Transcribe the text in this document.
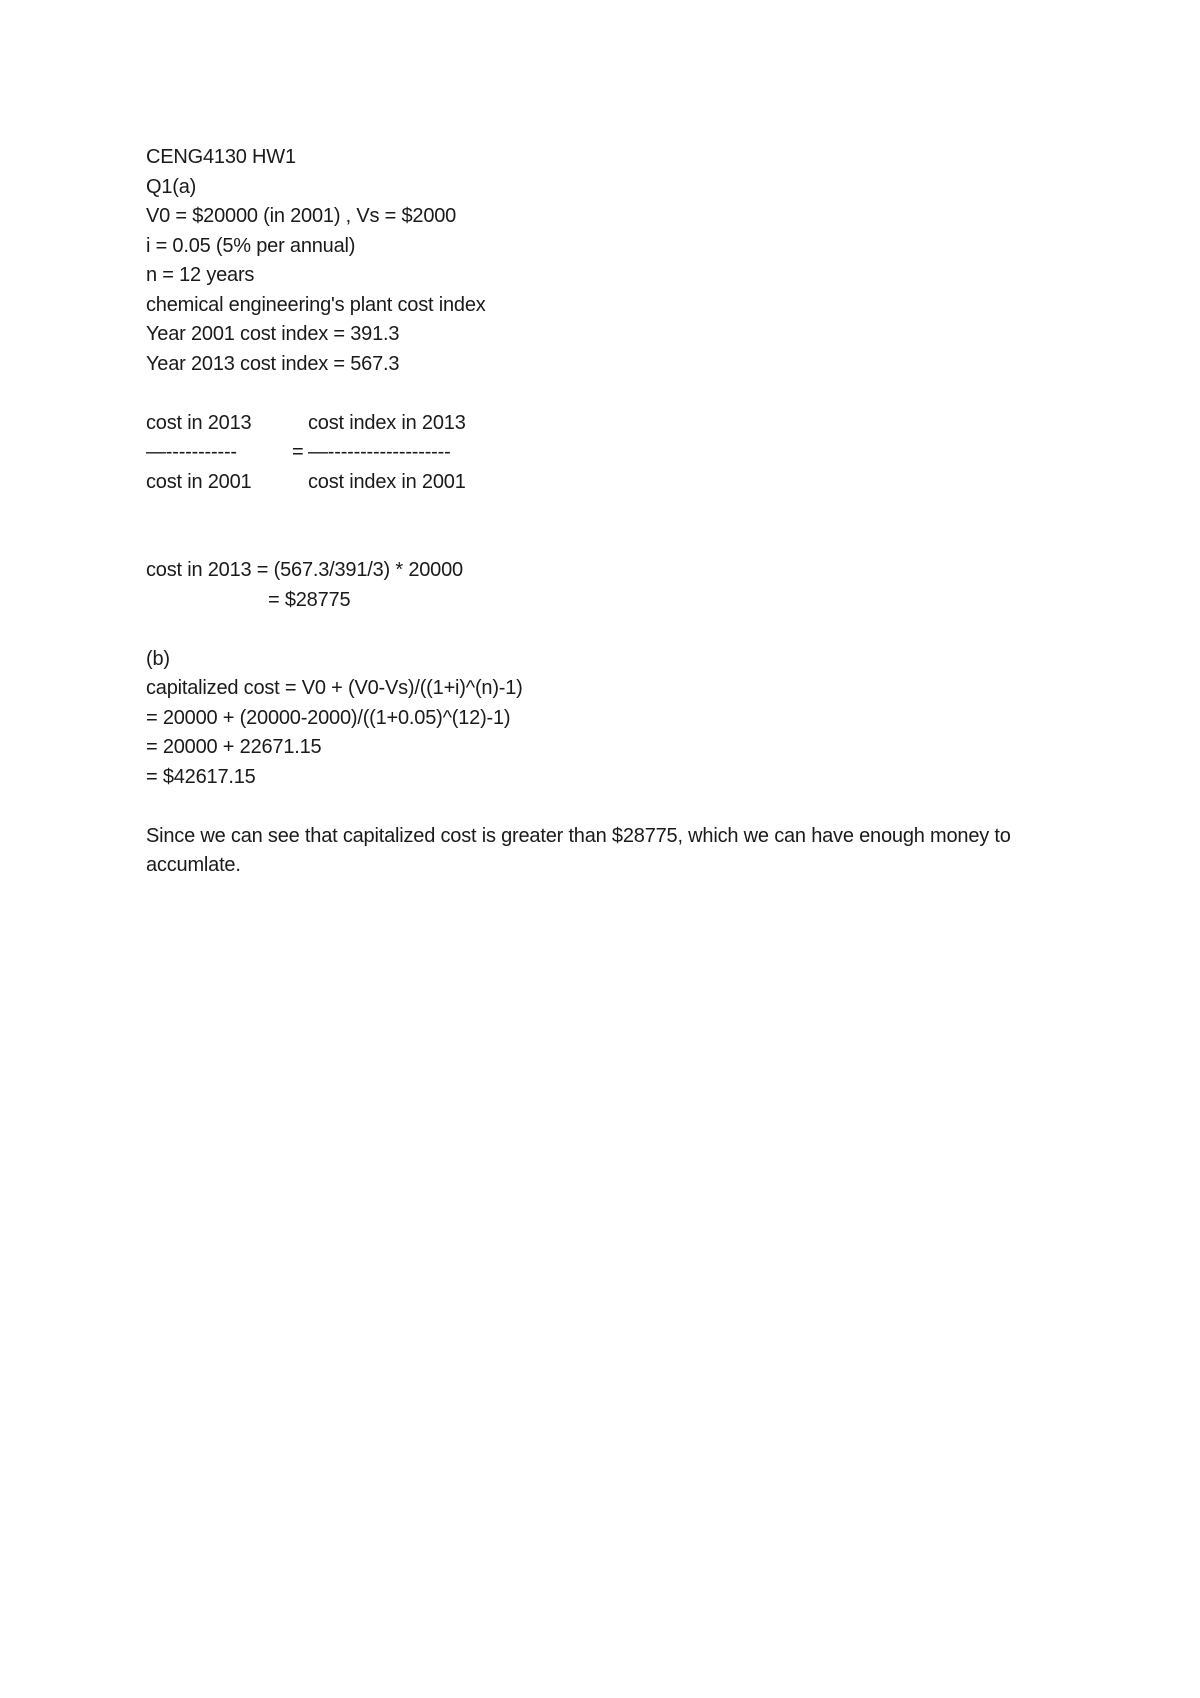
CENG4130 HW1
Q1(a)
V0 = $20000 (in 2001) , Vs = $2000
i = 0.05 (5% per annual)
n = 12 years
chemical engineering's plant cost index
Year 2001 cost index = 391.3
Year 2013 cost index = 567.3
cost in 2013	cost index in 2013
—-----------	= —-------------------
cost in 2001	cost index in 2001
cost in 2013 = (567.3/391/3) * 20000
= $28775
(b)
capitalized cost = V0 + (V0-Vs)/((1+i)^(n)-1)
= 20000 + (20000-2000)/((1+0.05)^(12)-1)
= 20000 + 22671.15
= $42617.15
Since we can see that capitalized cost is greater than $28775, which we can have enough money to accumlate.
